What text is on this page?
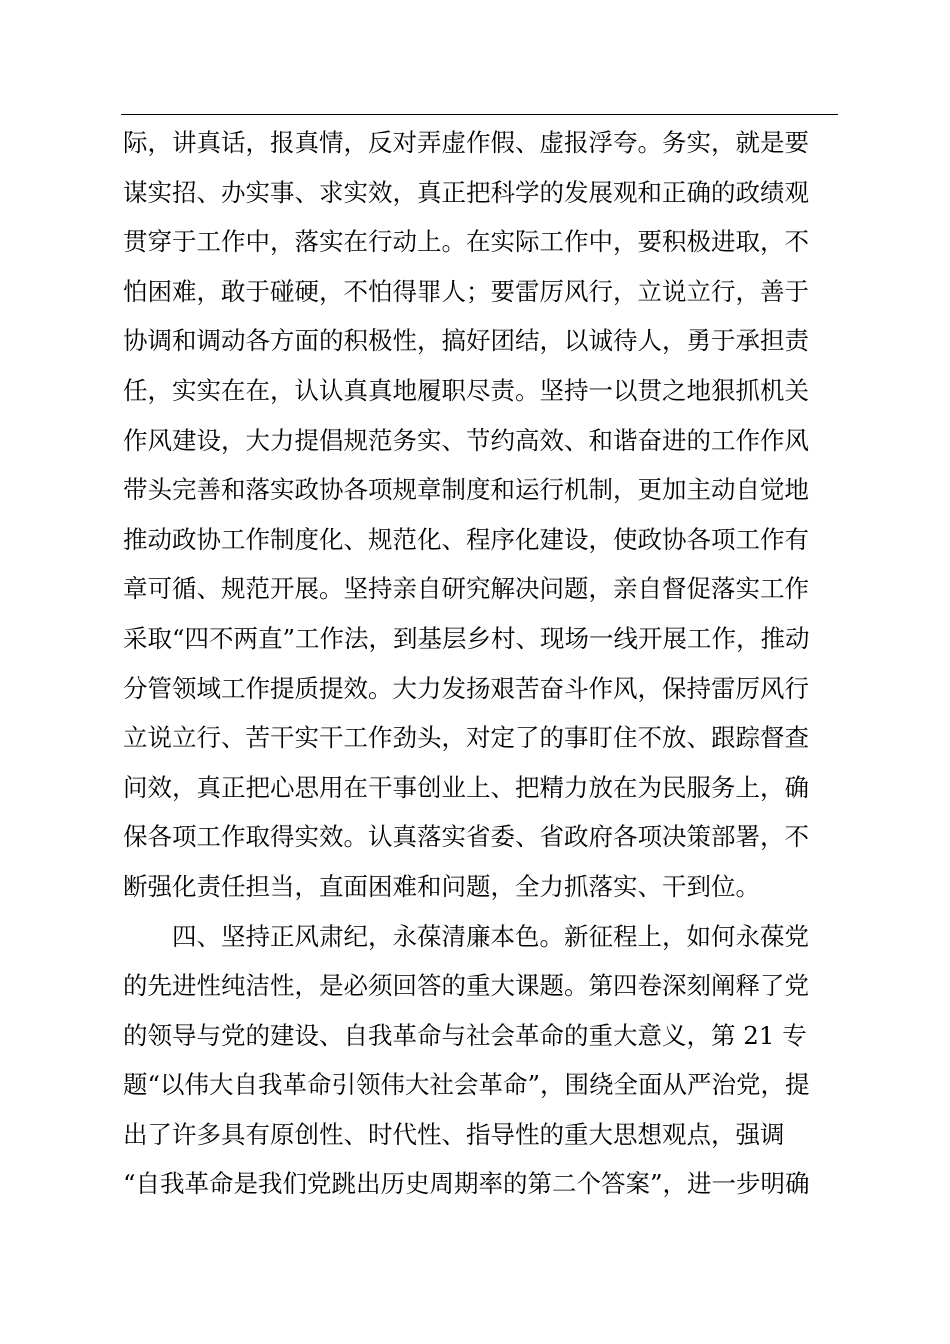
际，讲真话，报真情，反对弄虚作假、虚报浮夸。务实，就是要
谋实招、办实事、求实效，真正把科学的发展观和正确的政绩观
贯穿于工作中，落实在行动上。在实际工作中，要积极进取，不
怕困难，敢于碰硬，不怕得罪人；要雷厉风行，立说立行，善于
协调和调动各方面的积极性，搞好团结，以诚待人，勇于承担责
任，实实在在，认认真真地履职尽责。坚持一以贯之地狠抓机关
作风建设，大力提倡规范务实、节约高效、和谐奋进的工作作风
带头完善和落实政协各项规章制度和运行机制，更加主动自觉地
推动政协工作制度化、规范化、程序化建设，使政协各项工作有
章可循、规范开展。坚持亲自研究解决问题，亲自督促落实工作
采取“四不两直”工作法，到基层乡村、现场一线开展工作，推动
分管领域工作提质提效。大力发扬艰苦奋斗作风，保持雷厉风行
立说立行、苦干实干工作劲头，对定了的事盯住不放、跟踪督查
问效，真正把心思用在干事创业上、把精力放在为民服务上，确
保各项工作取得实效。认真落实省委、省政府各项决策部署，不
断强化责任担当，直面困难和问题，全力抓落实、干到位。
　　四、坚持正风肃纪，永葆清廉本色。新征程上，如何永葆党
的先进性纯洁性，是必须回答的重大课题。第四卷深刻阐释了党
的领导与党的建设、自我革命与社会革命的重大意义，第 21 专
题“以伟大自我革命引领伟大社会革命”，围绕全面从严治党，提
出了许多具有原创性、时代性、指导性的重大思想观点，强调
“自我革命是我们党跳出历史周期率的第二个答案”，进一步明确
